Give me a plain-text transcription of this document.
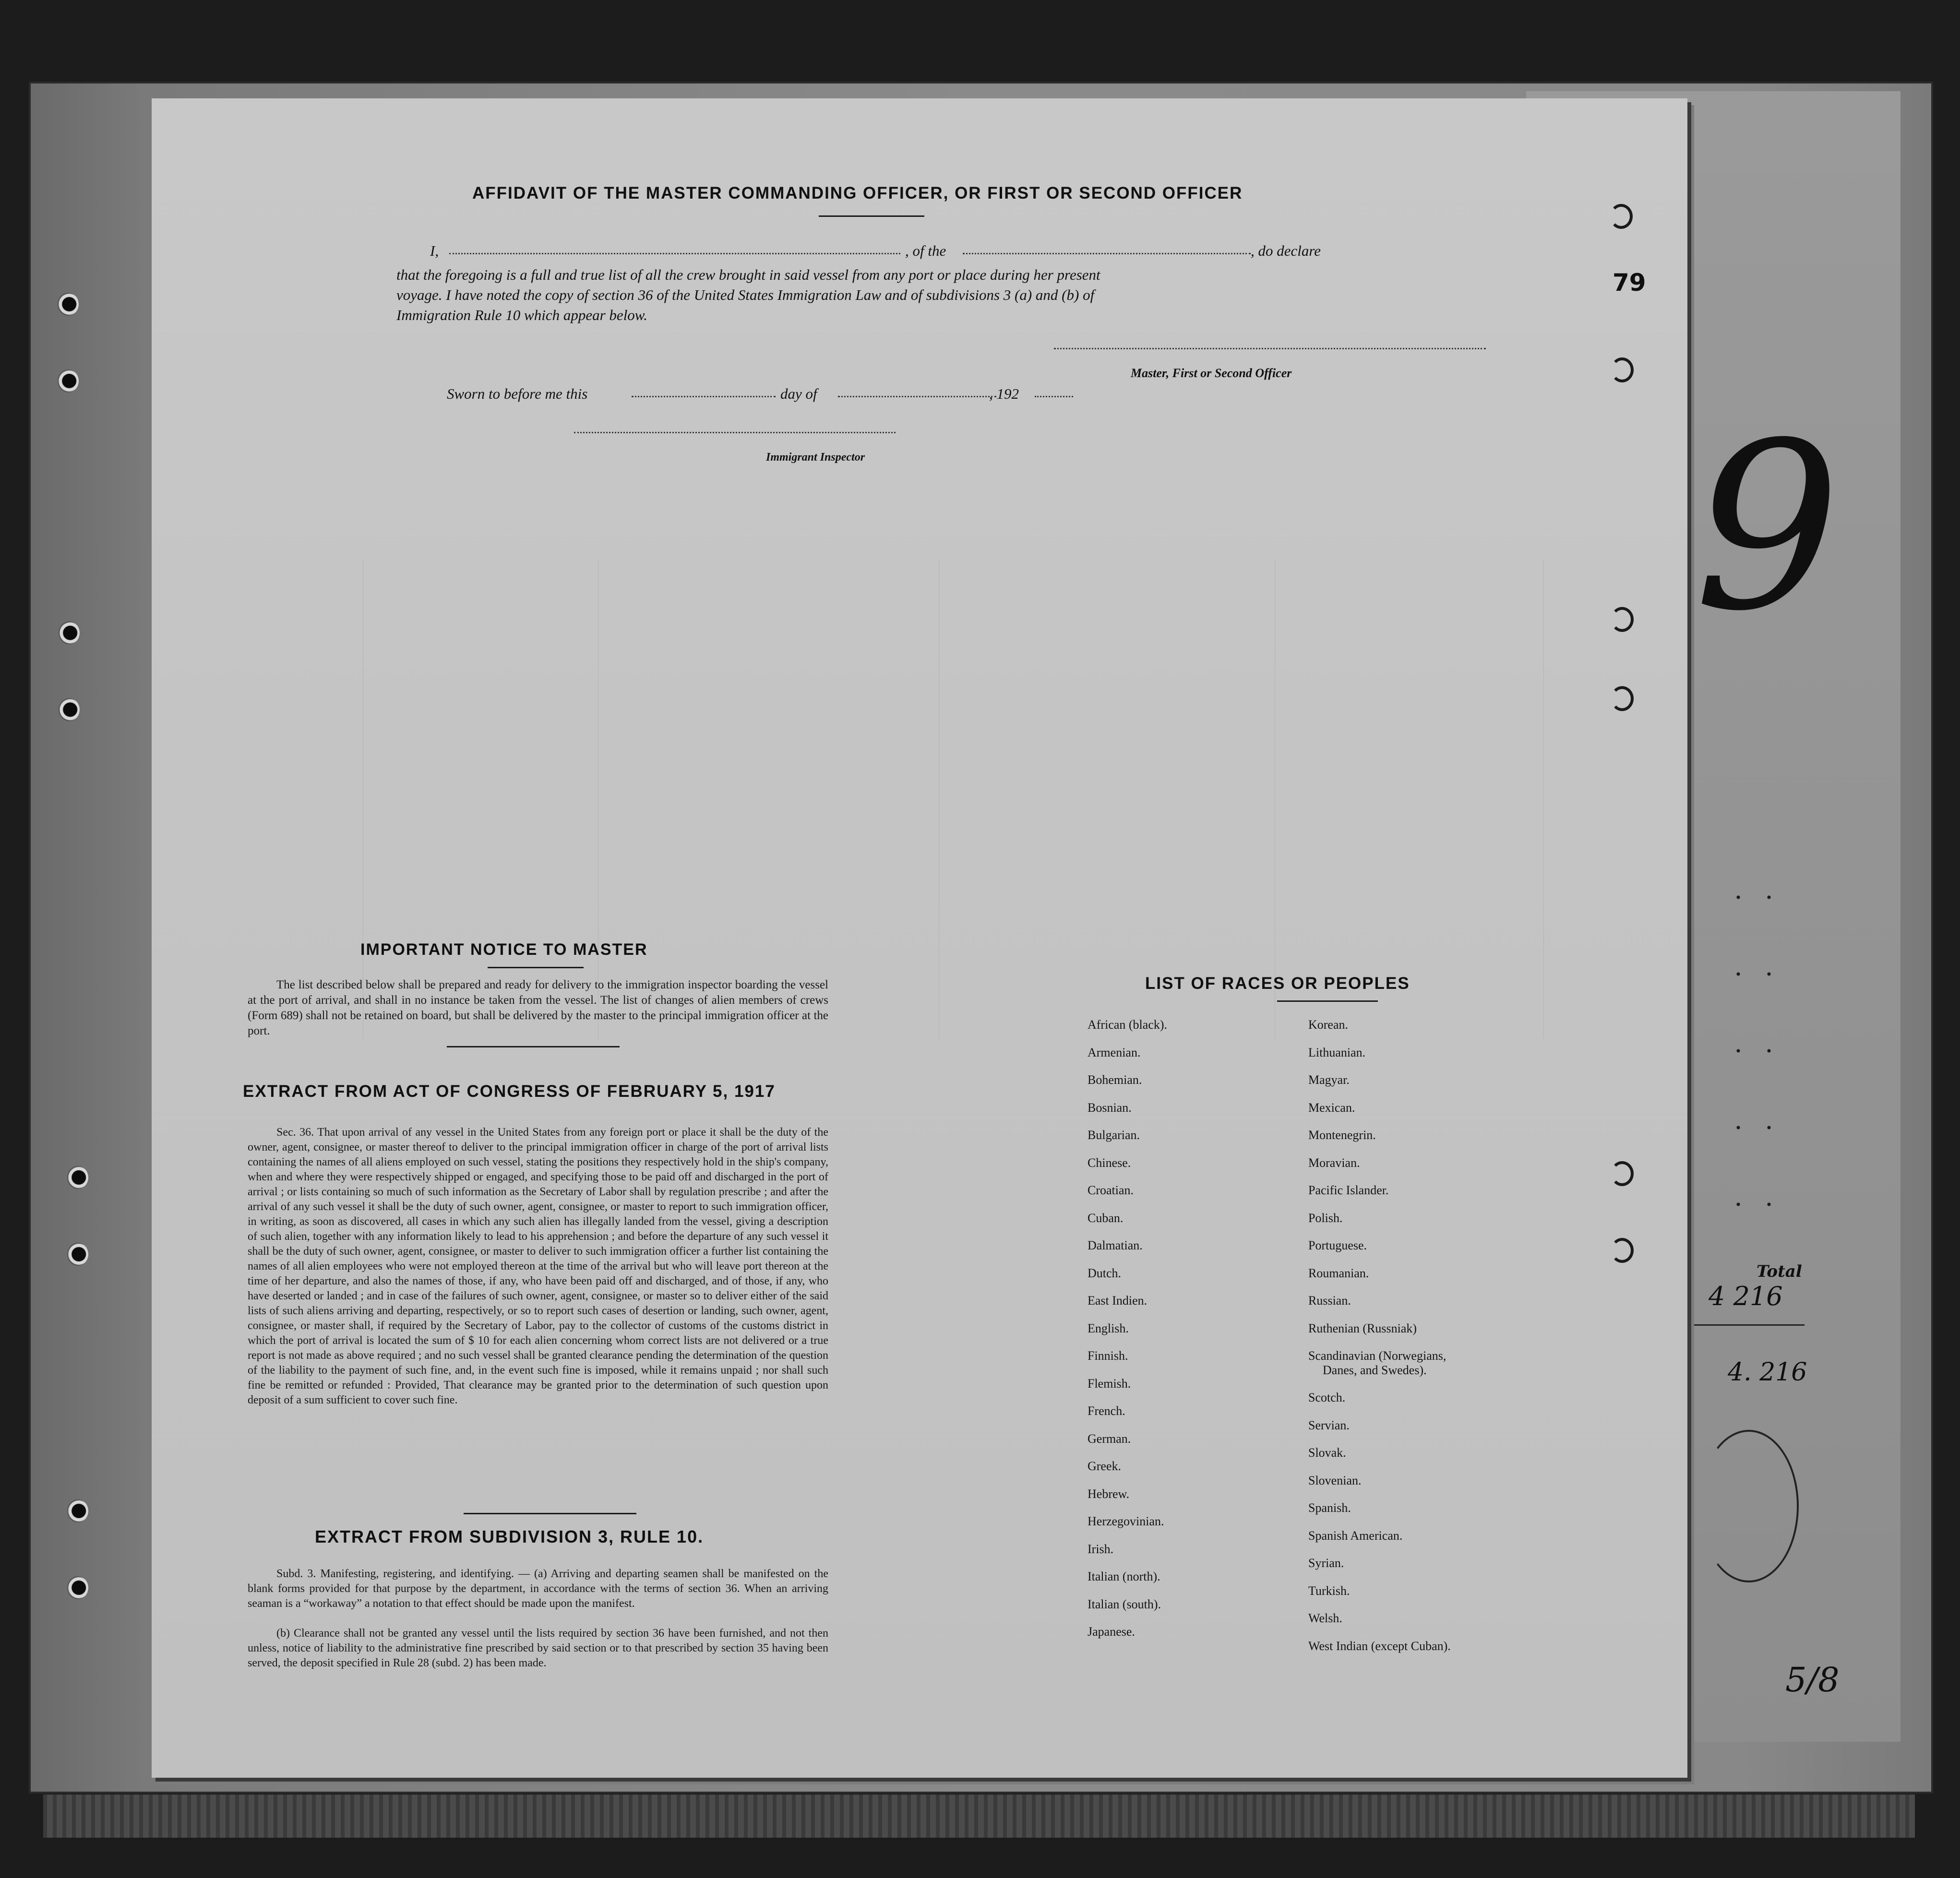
AFFIDAVIT OF THE MASTER COMMANDING OFFICER, OR FIRST OR SECOND OFFICER
I,	, of the	, do declare
that the foregoing is a full and true list of all the crew brought in said vessel from any port or place during her present
voyage. I have noted the copy of section 36 of the United States Immigration Law and of subdivisions 3 (a) and (b) of
Immigration Rule 10 which appear below.
Master, First or Second Officer
Sworn to before me this	day of	, 192
Immigrant Inspector
IMPORTANT NOTICE TO MASTER
The list described below shall be prepared and ready for delivery to the immigration inspector boarding the vessel at the port of arrival, and shall in no instance be taken from the vessel. The list of changes of alien members of crews (Form 689) shall not be retained on board, but shall be delivered by the master to the principal immigration officer at the port.
EXTRACT FROM ACT OF CONGRESS OF FEBRUARY 5, 1917
Sec. 36. That upon arrival of any vessel in the United States from any foreign port or place it shall be the duty of the owner, agent, consignee, or master thereof to deliver to the principal immigration officer in charge of the port of arrival lists containing the names of all aliens employed on such vessel, stating the positions they respectively hold in the ship's company, when and where they were respectively shipped or engaged, and specifying those to be paid off and discharged in the port of arrival ; or lists containing so much of such information as the Secretary of Labor shall by regulation prescribe ; and after the arrival of any such vessel it shall be the duty of such owner, agent, consignee, or master to report to such immigration officer, in writing, as soon as discovered, all cases in which any such alien has illegally landed from the vessel, giving a description of such alien, together with any information likely to lead to his apprehension ; and before the departure of any such vessel it shall be the duty of such owner, agent, consignee, or master to deliver to such immigration officer a further list containing the names of all alien employees who were not employed thereon at the time of the arrival but who will leave port thereon at the time of her departure, and also the names of those, if any, who have been paid off and discharged, and of those, if any, who have deserted or landed ; and in case of the failures of such owner, agent, consignee, or master so to deliver either of the said lists of such aliens arriving and departing, respectively, or so to report such cases of desertion or landing, such owner, agent, consignee, or master shall, if required by the Secretary of Labor, pay to the collector of customs of the customs district in which the port of arrival is located the sum of $ 10 for each alien concerning whom correct lists are not delivered or a true report is not made as above required ; and no such vessel shall be granted clearance pending the determination of the question of the liability to the payment of such fine, and, in the event such fine is imposed, while it remains unpaid ; nor shall such fine be remitted or refunded : Provided, That clearance may be granted prior to the determination of such question upon deposit of a sum sufficient to cover such fine.
EXTRACT FROM SUBDIVISION 3, RULE 10.
Subd. 3. Manifesting, registering, and identifying. — (a) Arriving and departing seamen shall be manifested on the blank forms provided for that purpose by the department, in accordance with the terms of section 36. When an arriving seaman is a “workaway” a notation to that effect should be made upon the manifest.
(b) Clearance shall not be granted any vessel until the lists required by section 36 have been furnished, and not then unless, notice of liability to the administrative fine prescribed by said section or to that prescribed by section 35 having been served, the deposit specified in Rule 28 (subd. 2) has been made.
LIST OF RACES OR PEOPLES
African (black).
Armenian.
Bohemian.
Bosnian.
Bulgarian.
Chinese.
Croatian.
Cuban.
Dalmatian.
Dutch.
East Indien.
English.
Finnish.
Flemish.
French.
German.
Greek.
Hebrew.
Herzegovinian.
Irish.
Italian (north).
Italian (south).
Japanese.
Korean.
Lithuanian.
Magyar.
Mexican.
Montenegrin.
Moravian.
Pacific Islander.
Polish.
Portuguese.
Roumanian.
Russian.
Ruthenian (Russniak)
Scandinavian (Norwegians,
Danes, and Swedes).
Scotch.
Servian.
Slovak.
Slovenian.
Spanish.
Spanish American.
Syrian.
Turkish.
Welsh.
West Indian (except Cuban).
79
9
Total
4 216
4. 216
5/8
